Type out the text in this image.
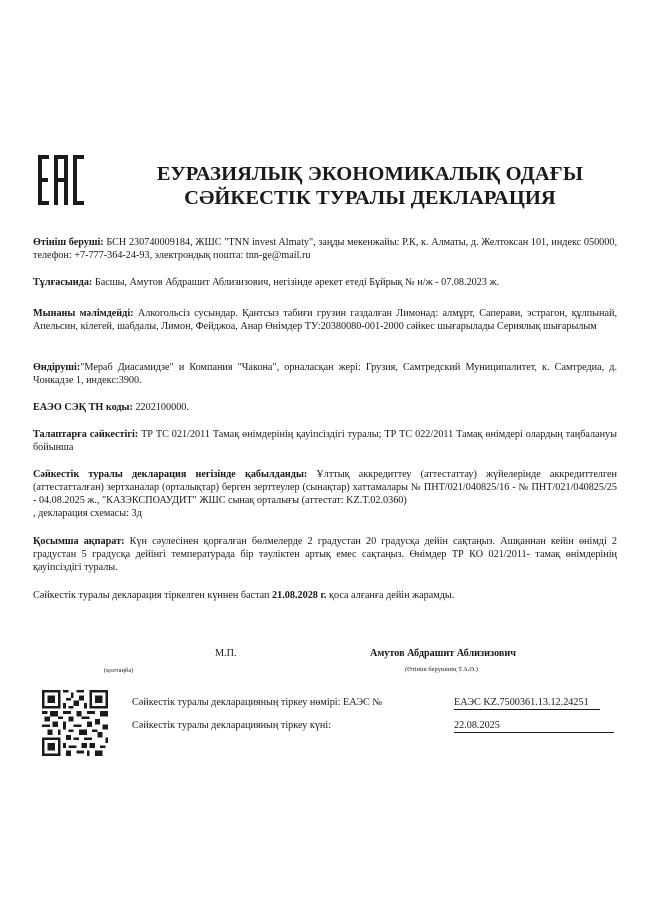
ЕУРАЗИЯЛЫҚ ЭКОНОМИКАЛЫҚ ОДАҒЫ
СӘЙКЕСТІК ТУРАЛЫ ДЕКЛАРАЦИЯ
Өтініш беруші: БСН 230740009184, ЖШС "TNN invest Almaty", заңды мекенжайы: Р.К, к. Алматы, д. Желтоксан 101, индекс 050000, телефон: +7-777-364-24-93, электрондық пошта: tnn-ge@mail.ru
Тұлғасында: Басшы, Амутов Абдрашит Аблизизович, негізінде әрекет етеді Бұйрық № н/ж - 07.08.2023 ж.
Мынаны мәлімдейді: Алкогольсіз сусындар. Қантсыз табиғи грузин газдалған Лимонад: алмұрт, Саперави, эстрагон, құлпынай, Апельсин, кілегей, шабдалы, Лимон, Фейджоа, Анар Өнімдер ТУ:20380080-001-2000 сәйкес шығарылады Сериялық шығарылым
Өндіруші:"Мераб Диасамидзе" и Компания "Чакона", орналасқан жері: Грузия, Самтредский Муниципалитет, к. Самтредиа, д. Чонкадзе 1, индекс:3900.
ЕАЭО СЭҚ ТН коды: 2202100000.
Талаптарға сәйкестігі: ТР ТС 021/2011 Тамақ өнімдерінің қауіпсіздігі туралы; ТР ТС 022/2011 Тамақ өнімдері олардың таңбалануы бойынша
Сәйкестік туралы декларация негізінде қабылданды: Ұлттық аккредиттеу (аттестаттау) жүйелерінде аккредиттелген (аттестатталған) зертханалар (орталықтар) берген зерттеулер (сынақтар) хаттамалары № ПНТ/021/040825/16 - № ПНТ/021/040825/25 - 04.08.2025 ж., "КАЗЭКСПОАУДИТ" ЖШС сынақ орталығы (аттестат: KZ.T.02.0360)
, декларация схемасы: 3д
Қосымша ақпарат: Күн сәулесінен қорғалған бөлмелерде 2 градустан 20 градусқа дейін сақтаңыз. Ашқаннан кейін өнімді 2 градустан 5 градусқа дейінгі температурада бір тәуліктен артық емес сақтаңыз. Өнімдер ТР КО 021/2011- тамақ өнімдерінің қауіпсіздігі туралы.
Сәйкестік туралы декларация тіркелген күннен бастап 21.08.2028 г. қоса алғанға дейін жарамды.
М.П.
(қолтаңба)
Амутов Абдрашит Аблизизович
(Өтініш берушінің Т.А.Ә.)
Сәйкестік туралы декларацияның тіркеу нөмірі: ЕАЭС №	ЕАЭС KZ.7500361.13.12.24251
Сәйкестік туралы декларацияның тіркеу күні:	22.08.2025
